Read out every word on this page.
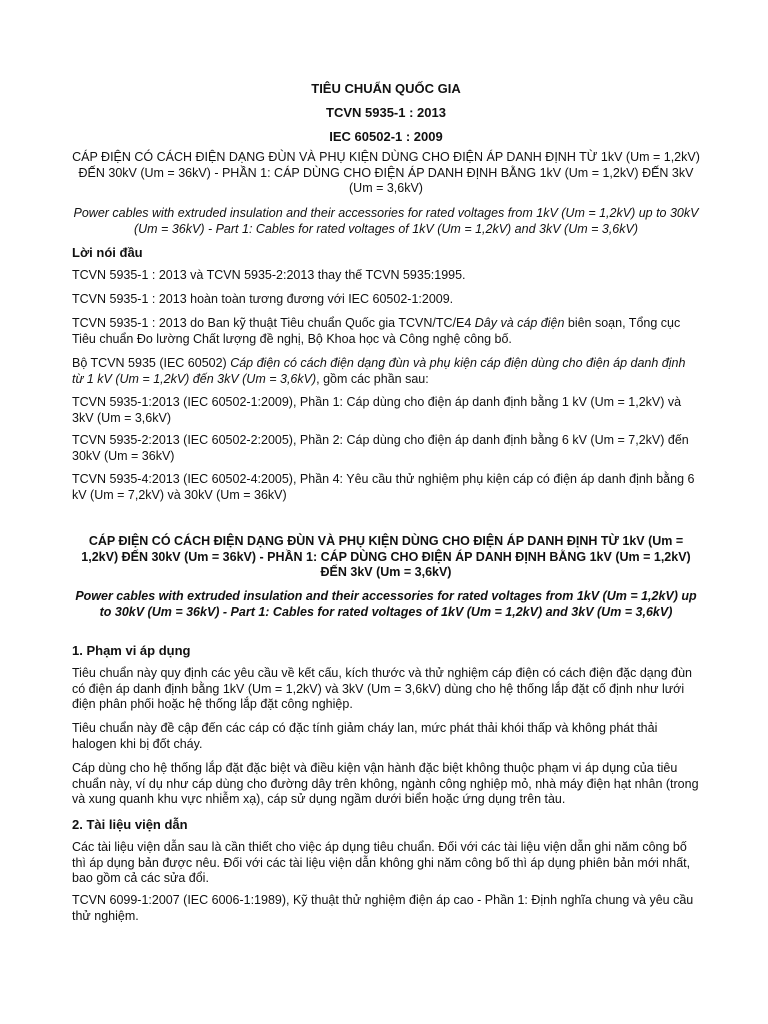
TIÊU CHUẨN QUỐC GIA
TCVN 5935-1 : 2013
IEC 60502-1 : 2009

CÁP ĐIỆN CÓ CÁCH ĐIỆN DẠNG ĐÙN VÀ PHỤ KIỆN DÙNG CHO ĐIỆN ÁP DANH ĐỊNH TỪ 1kV (Um = 1,2kV) ĐẾN 30kV (Um = 36kV) - PHẦN 1: CÁP DÙNG CHO ĐIỆN ÁP DANH ĐỊNH BẰNG 1kV (Um = 1,2kV) ĐẾN 3kV (Um = 3,6kV)

Power cables with extruded insulation and their accessories for rated voltages from 1kV (Um = 1,2kV) up to 30kV (Um = 36kV) - Part 1: Cables for rated voltages of 1kV (Um = 1,2kV) and 3kV (Um = 3,6kV)

Lời nói đầu

TCVN 5935-1 : 2013 và TCVN 5935-2:2013 thay thế TCVN 5935:1995.

TCVN 5935-1 : 2013 hoàn toàn tương đương với IEC 60502-1:2009.

TCVN 5935-1 : 2013 do Ban kỹ thuật Tiêu chuẩn Quốc gia TCVN/TC/E4 Dây và cáp điện biên soạn, Tổng cục Tiêu chuẩn Đo lường Chất lượng đề nghị, Bộ Khoa học và Công nghệ công bố.

Bộ TCVN 5935 (IEC 60502) Cáp điện có cách điện dạng đùn và phụ kiện cáp điện dùng cho điện áp danh định từ 1 kV (Um = 1,2kV) đến 3kV (Um = 3,6kV), gồm các phần sau:

TCVN 5935-1:2013 (IEC 60502-1:2009), Phần 1: Cáp dùng cho điện áp danh định bằng 1 kV (Um = 1,2kV) và 3kV (Um = 3,6kV)

TCVN 5935-2:2013 (IEC 60502-2:2005), Phần 2: Cáp dùng cho điện áp danh định bằng 6 kV (Um = 7,2kV) đến 30kV (Um = 36kV)

TCVN 5935-4:2013 (IEC 60502-4:2005), Phần 4: Yêu cầu thử nghiệm phụ kiện cáp có điện áp danh định bằng 6 kV (Um = 7,2kV) và 30kV (Um = 36kV)

CÁP ĐIỆN CÓ CÁCH ĐIỆN DẠNG ĐÙN VÀ PHỤ KIỆN DÙNG CHO ĐIỆN ÁP DANH ĐỊNH TỪ 1kV (Um = 1,2kV) ĐẾN 30kV (Um = 36kV) - PHẦN 1: CÁP DÙNG CHO ĐIỆN ÁP DANH ĐỊNH BẰNG 1kV (Um = 1,2kV) ĐẾN 3kV (Um = 3,6kV)

Power cables with extruded insulation and their accessories for rated voltages from 1kV (Um = 1,2kV) up to 30kV (Um = 36kV) - Part 1: Cables for rated voltages of 1kV (Um = 1,2kV) and 3kV (Um = 3,6kV)

1. Phạm vi áp dụng

Tiêu chuẩn này quy định các yêu cầu về kết cấu, kích thước và thử nghiệm cáp điện có cách điện đặc dạng đùn có điện áp danh định bằng 1kV (Um = 1,2kV) và 3kV (Um = 3,6kV) dùng cho hệ thống lắp đặt cố định như lưới điện phân phối hoặc hệ thống lắp đặt công nghiệp.

Tiêu chuẩn này đề cập đến các cáp có đặc tính giảm cháy lan, mức phát thải khói thấp và không phát thải halogen khi bị đốt cháy.

Cáp dùng cho hệ thống lắp đặt đặc biệt và điều kiện vận hành đặc biệt không thuộc phạm vi áp dụng của tiêu chuẩn này, ví dụ như cáp dùng cho đường dây trên không, ngành công nghiệp mỏ, nhà máy điện hạt nhân (trong và xung quanh khu vực nhiễm xạ), cáp sử dụng ngầm dưới biển hoặc ứng dụng trên tàu.

2. Tài liệu viện dẫn

Các tài liệu viện dẫn sau là cần thiết cho việc áp dụng tiêu chuẩn. Đối với các tài liệu viện dẫn ghi năm công bố thì áp dụng bản được nêu. Đối với các tài liệu viện dẫn không ghi năm công bố thì áp dụng phiên bản mới nhất, bao gồm cả các sửa đổi.

TCVN 6099-1:2007 (IEC 6006-1:1989), Kỹ thuật thử nghiệm điện áp cao - Phần 1: Định nghĩa chung và yêu cầu thử nghiệm.
